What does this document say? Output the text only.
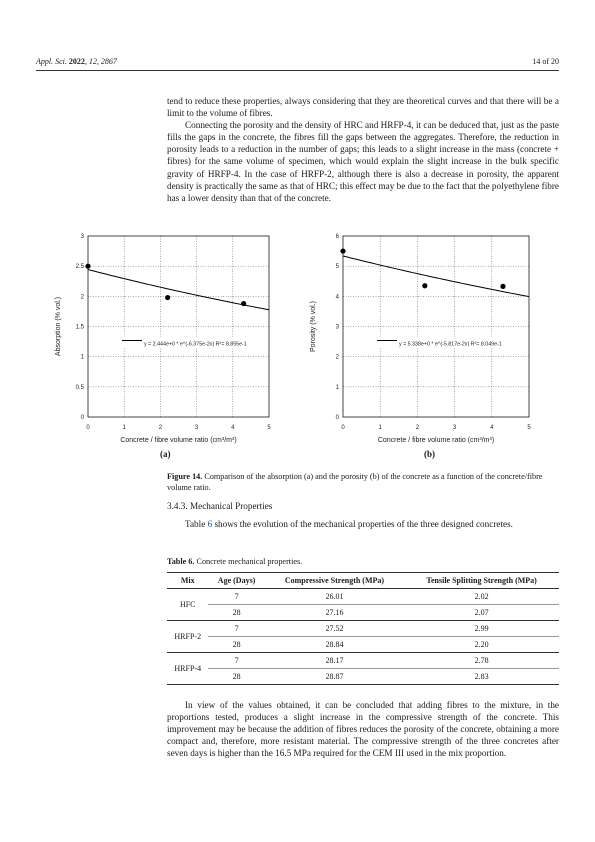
Appl. Sci. 2022, 12, 2867	14 of 20

tend to reduce these properties, always considering that they are theoretical curves and that there will be a limit to the volume of fibres.

Connecting the porosity and the density of HRC and HRFP-4, it can be deduced that, just as the paste fills the gaps in the concrete, the fibres fill the gaps between the aggregates. Therefore, the reduction in porosity leads to a reduction in the number of gaps; this leads to a slight increase in the mass (concrete + fibres) for the same volume of specimen, which would explain the slight increase in the bulk specific gravity of HRFP-4. In the case of HRFP-2, although there is also a decrease in porosity, the apparent density is practically the same as that of HRC; this effect may be due to the fact that the polyethylene fibre has a lower density than that of the concrete.

0	1	2	3	4	5
0
0.5
1
1.5
2
2.5
3
Concrete / fibre volume ratio (cm³/m³)
Absorption (% vol.)	y = 2.444e+0 * e^(-6.375e-2x) R²= 8.855e-1
0	1	2	3	4	5
0
1
2
3
4
5
6
Concrete / fibre volume ratio (cm³/m³)
Porosity (% vol.)	y = 5.338e+0 * e^(-5.817e-2x) R²= 8.049e-1
(a)	(b)
Figure 14. Comparison of the absorption (a) and the porosity (b) of the concrete as a function of the concrete/fibre volume ratio.
3.4.3. Mechanical Properties

Table 6 shows the evolution of the mechanical properties of the three designed concretes.

Table 6. Concrete mechanical properties.
Mix	Age (Days)	Compressive Strength (MPa)	Tensile Splitting Strength (MPa)
HFC	7	26.01	2.02
	28	27.16	2.07
HRFP-2	7	27.52	2.99
	28	28.84	2.20
HRFP-4	7	28.17	2.78
	28	28.87	2.83

In view of the values obtained, it can be concluded that adding fibres to the mixture, in the proportions tested, produces a slight increase in the compressive strength of the concrete. This improvement may be because the addition of fibres reduces the porosity of the concrete, obtaining a more compact and, therefore, more resistant material. The compressive strength of the three concretes after seven days is higher than the 16.5 MPa required for the CEM III used in the mix proportion.
